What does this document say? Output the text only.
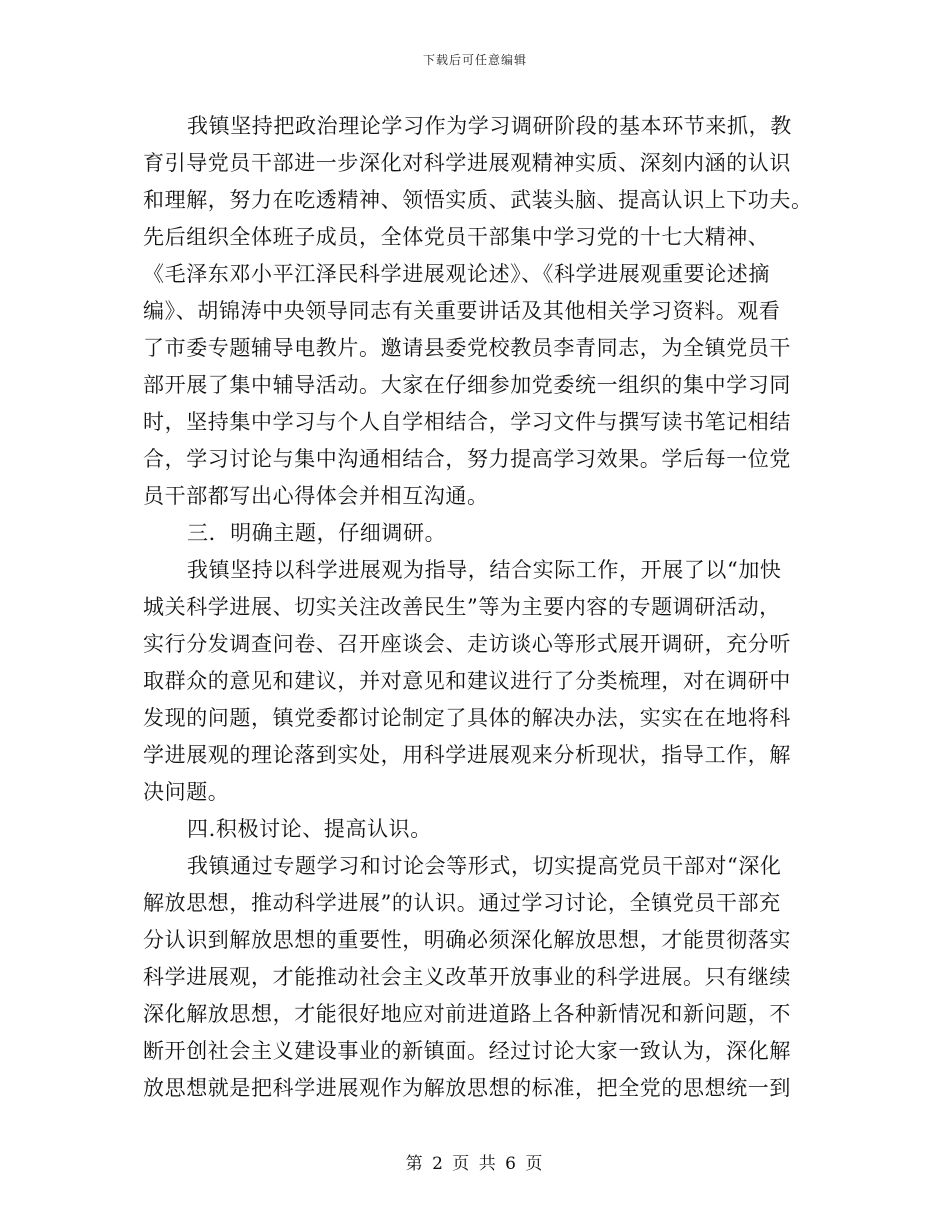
下载后可任意编辑
我镇坚持把政治理论学习作为学习调研阶段的基本环节来抓，教
育引导党员干部进一步深化对科学进展观精神实质、深刻内涵的认识
和理解，努力在吃透精神、领悟实质、武装头脑、提高认识上下功夫。
先后组织全体班子成员，全体党员干部集中学习党的十七大精神、
《毛泽东邓小平江泽民科学进展观论述》、《科学进展观重要论述摘
编》、胡锦涛中央领导同志有关重要讲话及其他相关学习资料。观看
了市委专题辅导电教片。邀请县委党校教员李青同志，为全镇党员干
部开展了集中辅导活动。大家在仔细参加党委统一组织的集中学习同
时，坚持集中学习与个人自学相结合，学习文件与撰写读书笔记相结
合，学习讨论与集中沟通相结合，努力提高学习效果。学后每一位党
员干部都写出心得体会并相互沟通。
三．明确主题，仔细调研。
我镇坚持以科学进展观为指导，结合实际工作，开展了以“加快
城关科学进展、切实关注改善民生”等为主要内容的专题调研活动，
实行分发调查问卷、召开座谈会、走访谈心等形式展开调研，充分听
取群众的意见和建议，并对意见和建议进行了分类梳理，对在调研中
发现的问题，镇党委都讨论制定了具体的解决办法，实实在在地将科
学进展观的理论落到实处，用科学进展观来分析现状，指导工作，解
决问题。
四.积极讨论、提高认识。
我镇通过专题学习和讨论会等形式，切实提高党员干部对“深化
解放思想，推动科学进展”的认识。通过学习讨论，全镇党员干部充
分认识到解放思想的重要性，明确必须深化解放思想，才能贯彻落实
科学进展观，才能推动社会主义改革开放事业的科学进展。只有继续
深化解放思想，才能很好地应对前进道路上各种新情况和新问题，不
断开创社会主义建设事业的新镇面。经过讨论大家一致认为，深化解
放思想就是把科学进展观作为解放思想的标准，把全党的思想统一到
第 2 页 共 6 页
